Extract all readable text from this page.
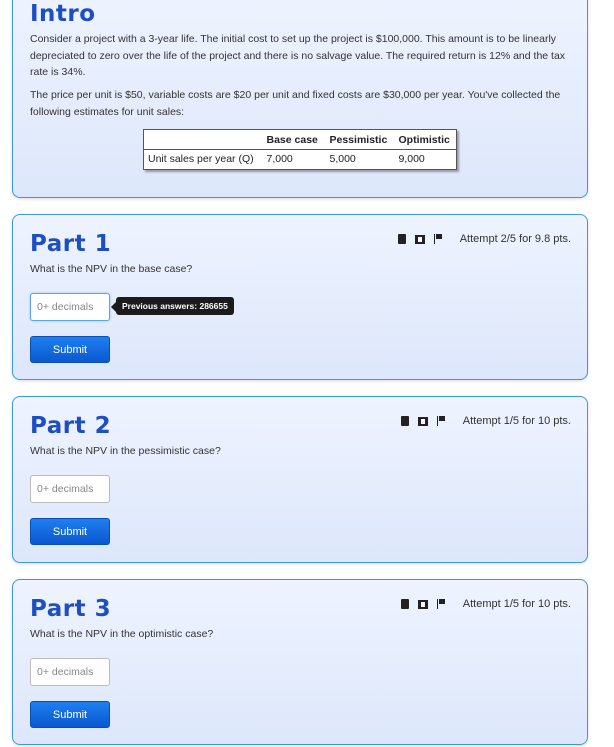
Intro
Consider a project with a 3-year life. The initial cost to set up the project is $100,000. This amount is to be linearly depreciated to zero over the life of the project and there is no salvage value. The required return is 12% and the tax rate is 34%.
The price per unit is $50, variable costs are $20 per unit and fixed costs are $30,000 per year. You've collected the following estimates for unit sales:
	Base case	Pessimistic	Optimistic
Unit sales per year (Q)	7,000	5,000	9,000
Part 1	Attempt 2/5 for 9.8 pts.
What is the NPV in the base case?
0+ decimals
Previous answers: 286655
Submit
Part 2	Attempt 1/5 for 10 pts.
What is the NPV in the pessimistic case?
0+ decimals
Submit
Part 3	Attempt 1/5 for 10 pts.
What is the NPV in the optimistic case?
0+ decimals
Submit
